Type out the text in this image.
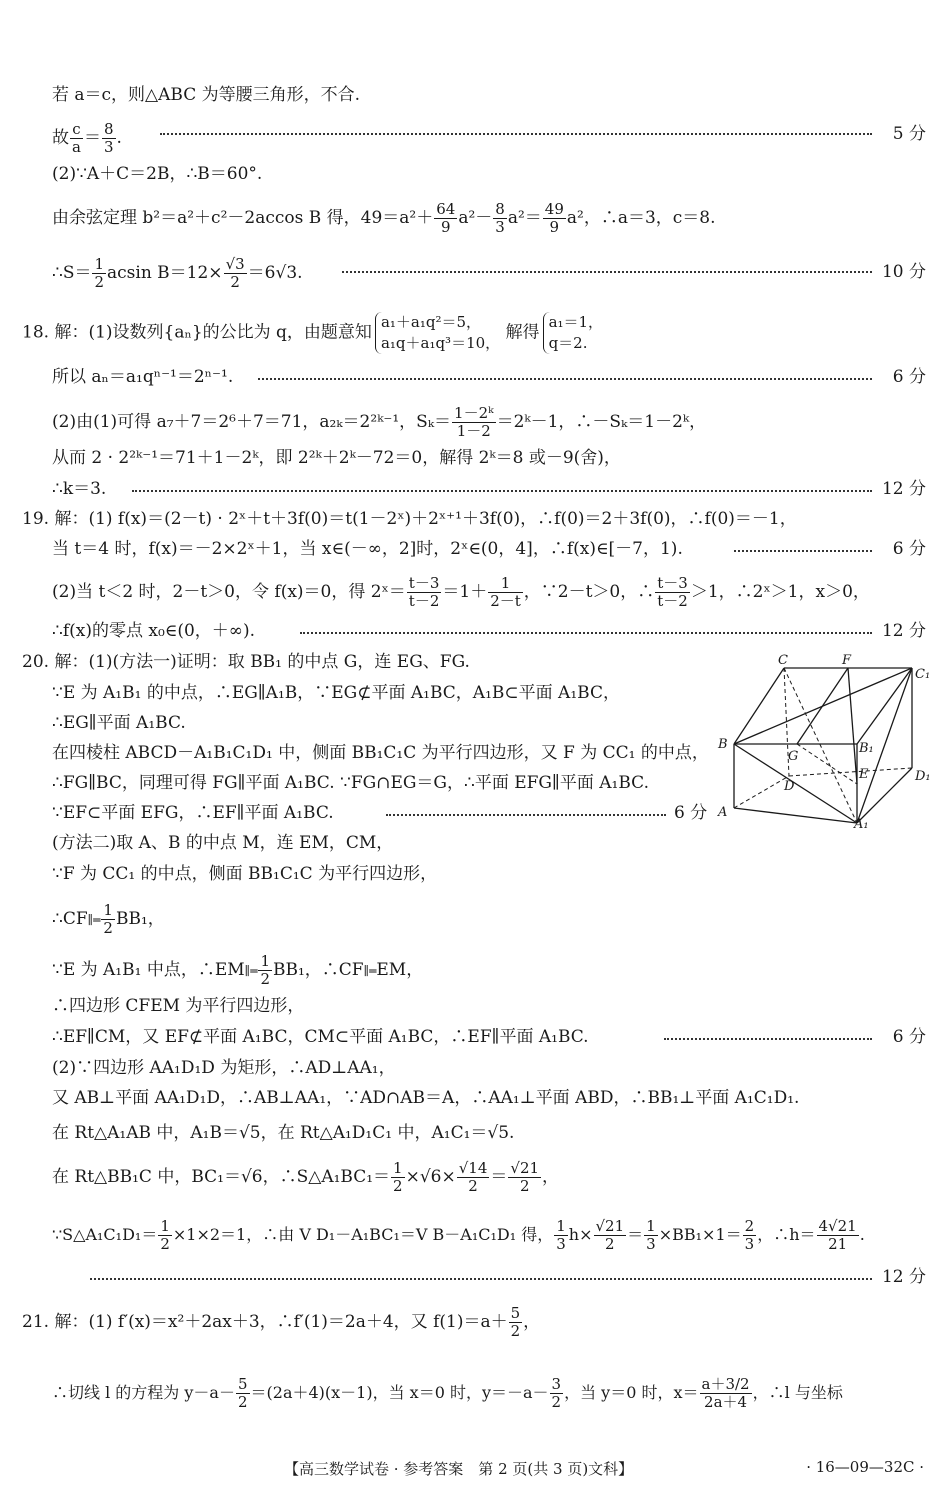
若 a＝c，则△ABC 为等腰三角形，不合.
故 $\frac{c}{a} = \frac{8}{3}$ .	5 分
(2)∵A＋C＝2B，∴B＝60°.
由余弦定理 b²＝a²＋c²－2accos B 得，$49=a^2+ \frac{64}{9} a^2- \frac{8}{3} a^2= \frac{49}{9} a^2$，∴a＝3，c＝8.
∴S＝ $\frac{1}{2}$ acsin $B=12\times \frac{√3}{2} =6√3$.	10 分
18. 解：(1)设数列{aₙ}的公比为 q，由题意知
a₁＋a₁q²＝5，
a₁q＋a₁q³＝10，
解得
a₁＝1，
q＝2.
所以 aₙ＝a₁qⁿ⁻¹＝2ⁿ⁻¹.	6 分
(2)由(1)可得 a₇＋7＝2⁶＋7＝71，a₂ₖ＝2²ᵏ⁻¹，$S_k= \frac{\text{1－2ᵏ}}{1-2}$ ＝2ᵏ－1，∴－Sₖ＝1－2ᵏ，
从而 2 · 2²ᵏ⁻¹＝71＋1－2ᵏ，即 2²ᵏ＋2ᵏ－72＝0，解得 2ᵏ＝8 或－9(舍)，
∴k＝3.	12 分
19. 解：(1) f(x)＝(2－t) · 2ˣ＋t＋3f(0)＝t(1－2ˣ)＋2ˣ⁺¹＋3f(0)，∴f(0)＝2＋3f(0)，∴f(0)＝－1，
当 t＝4 时，f(x)＝－2×2ˣ＋1，当 x∈(－∞，2]时，2ˣ∈(0，4]，∴f(x)∈[－7，1).	6 分
(2)当 t＜2 时，2－t＞0，令 f(x)＝0，得 2ˣ＝ $\frac{t-3}{t-2} =1+ \frac{1}{2-t}$ ，∵2－t＞0，∴ $\frac{t-3}{t-2} >1$，∴2ˣ＞1，x＞0，
∴f(x)的零点 x₀∈(0，＋∞).	12 分
20. 解：(1)(方法一)证明：取 BB₁ 的中点 G，连 EG、FG.
∵E 为 A₁B₁ 的中点，∴EG∥A₁B，∵EG⊄平面 A₁BC，A₁B⊂平面 A₁BC，
∴EG∥平面 A₁BC.
在四棱柱 ABCD－A₁B₁C₁D₁ 中，侧面 BB₁C₁C 为平行四边形，又 F 为 CC₁ 的中点，
∴FG∥BC，同理可得 FG∥平面 A₁BC. ∵FG∩EG＝G，∴平面 EFG∥平面 A₁BC.
∵EF⊂平面 EFG，∴EF∥平面 A₁BC.	6 分
C	F
C₁
B
G
B₁
E	D₁
D
A
A₁
(方法二)取 A、B 的中点 M，连 EM，CM，
∵F 为 CC₁ 的中点，侧面 BB₁C₁C 为平行四边形，
∴CF∥═ $\frac{1}{2} BB_1$，
∵E 为 A₁B₁ 中点，∴EM∥═ $\frac{1}{2} BB_1$，∴CF∥═EM，
∴四边形 CFEM 为平行四边形，
∴EF∥CM，又 EF⊄平面 A₁BC，CM⊂平面 A₁BC，∴EF∥平面 A₁BC.	6 分
(2)∵四边形 AA₁D₁D 为矩形，∴AD⊥AA₁，
又 AB⊥平面 AA₁D₁D，∴AB⊥AA₁，∵AD∩AB＝A，∴AA₁⊥平面 ABD，∴BB₁⊥平面 A₁C₁D₁.
在 Rt△A₁AB 中，A₁B＝√5，在 Rt△A₁D₁C₁ 中，A₁C₁＝√5.
在 Rt△BB₁C 中，BC₁＝√6，∴S△A₁BC₁＝ $\frac{1}{2} \times√6\times \frac{√14}{2} = \frac{√21}{2}$ ，
∵S△A₁C₁D₁＝ $\frac{1}{2} \times 1\times 2=1$，∴由 V D₁－A₁BC₁＝V B－A₁C₁D₁ 得， $\frac{1}{3} h\times \frac{√21}{2} = \frac{1}{3} \times BB_1\times 1= \frac{2}{3}$ ，∴h＝ $\frac{4√21}{21}$ .
12 分
21. 解：(1) f′(x)＝x²＋2ax＋3，∴f′(1)＝2a＋4，又 $f(1)=a+ \frac{5}{2}$ ，
∴切线 l 的方程为 $y-a- \frac{5}{2} =(2a+4)(x-1)$，当 x＝0 时，$y=-a- \frac{3}{2}$ ，当 y＝0 时，$x= \frac{a+3/2}{2a+4}$ ，∴l 与坐标
【高三数学试卷 · 参考答案　第 2 页(共 3 页)文科】	· 16—09—32C ·
